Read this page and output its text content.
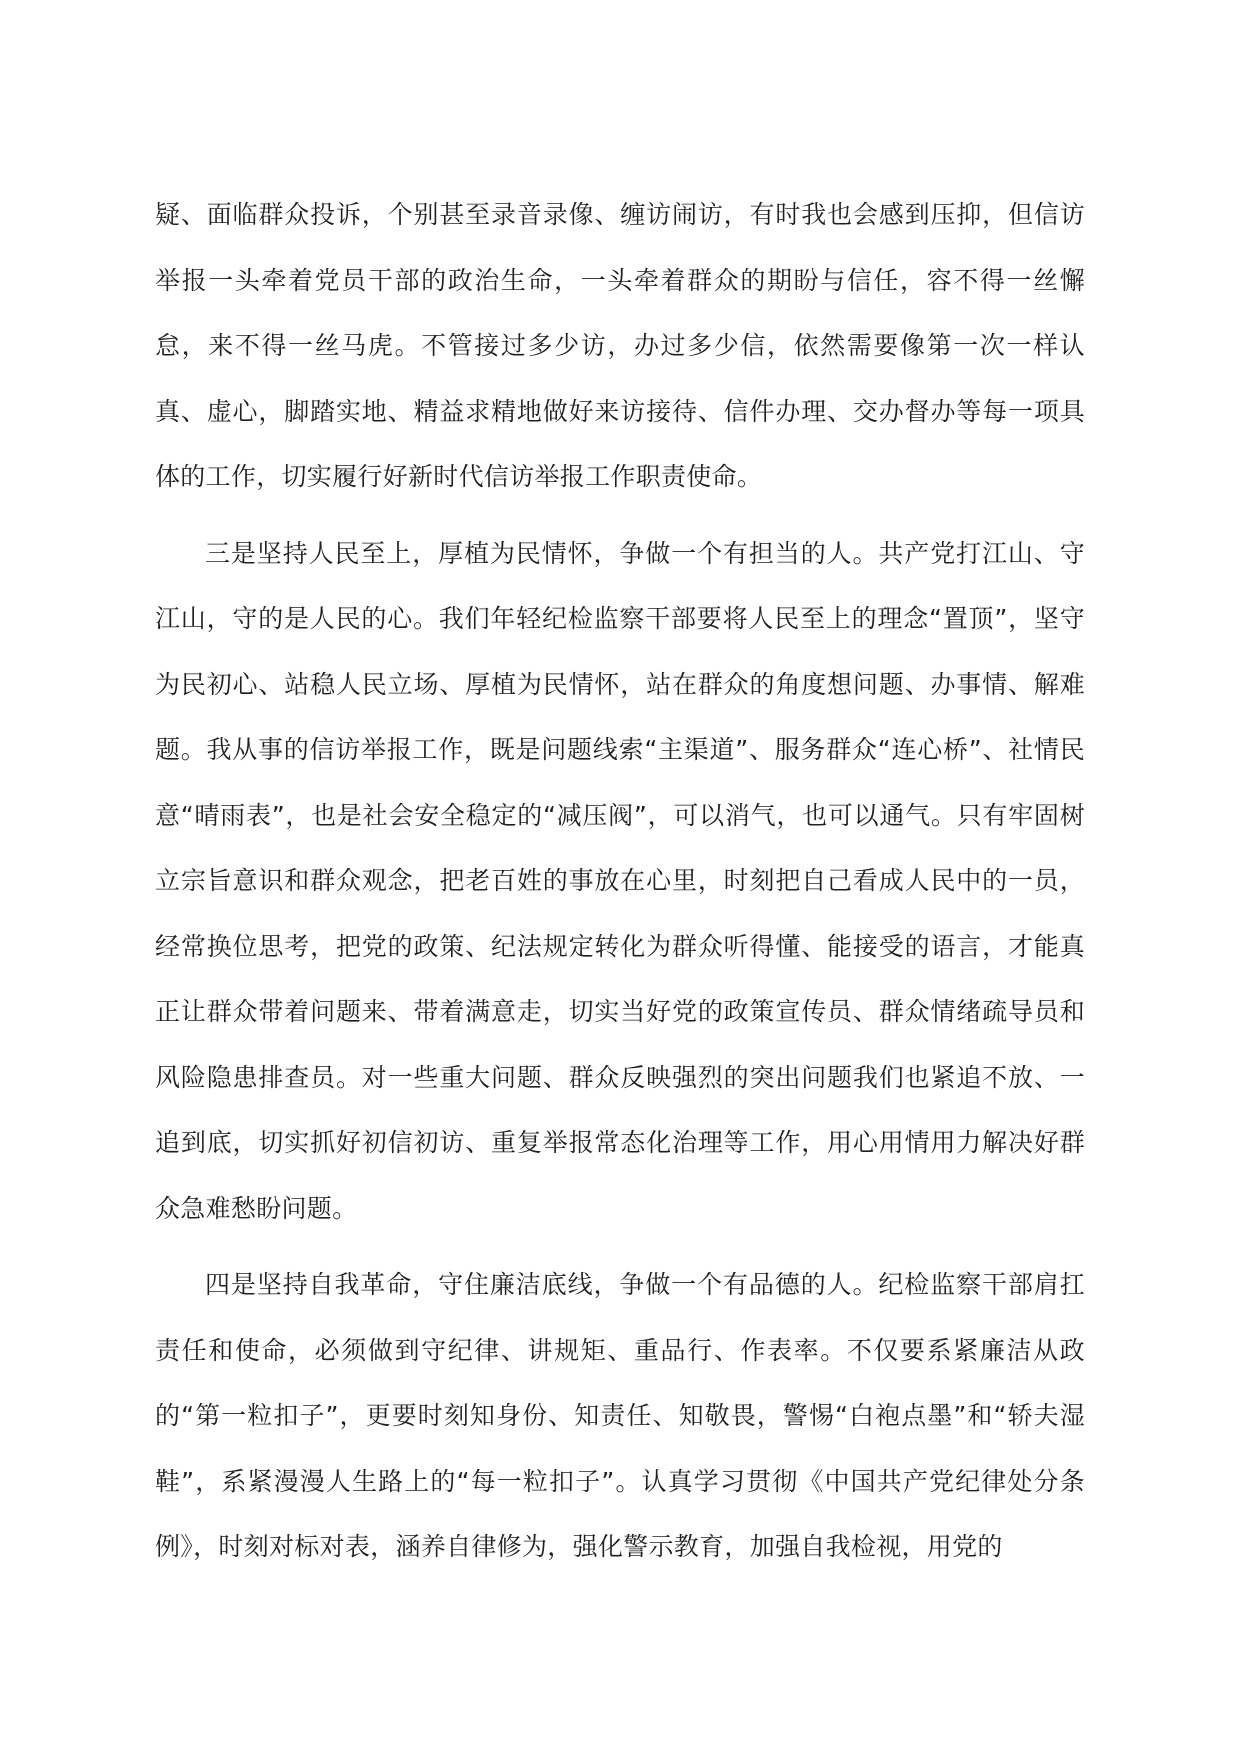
疑、面临群众投诉，个别甚至录音录像、缠访闹访，有时我也会感到压抑，但信访举报一头牵着党员干部的政治生命，一头牵着群众的期盼与信任，容不得一丝懈怠，来不得一丝马虎。不管接过多少访，办过多少信，依然需要像第一次一样认真、虚心，脚踏实地、精益求精地做好来访接待、信件办理、交办督办等每一项具体的工作，切实履行好新时代信访举报工作职责使命。

三是坚持人民至上，厚植为民情怀，争做一个有担当的人。共产党打江山、守江山，守的是人民的心。我们年轻纪检监察干部要将人民至上的理念“置顶”，坚守为民初心、站稳人民立场、厚植为民情怀，站在群众的角度想问题、办事情、解难题。我从事的信访举报工作，既是问题线索“主渠道”、服务群众“连心桥”、社情民意“晴雨表”，也是社会安全稳定的“减压阀”，可以消气，也可以通气。只有牢固树立宗旨意识和群众观念，把老百姓的事放在心里，时刻把自己看成人民中的一员，经常换位思考，把党的政策、纪法规定转化为群众听得懂、能接受的语言，才能真正让群众带着问题来、带着满意走，切实当好党的政策宣传员、群众情绪疏导员和风险隐患排查员。对一些重大问题、群众反映强烈的突出问题我们也紧追不放、一追到底，切实抓好初信初访、重复举报常态化治理等工作，用心用情用力解决好群众急难愁盼问题。

四是坚持自我革命，守住廉洁底线，争做一个有品德的人。纪检监察干部肩扛责任和使命，必须做到守纪律、讲规矩、重品行、作表率。不仅要系紧廉洁从政的“第一粒扣子”，更要时刻知身份、知责任、知敬畏，警惕“白袍点墨”和“轿夫湿鞋”，系紧漫漫人生路上的“每一粒扣子”。认真学习贯彻《中国共产党纪律处分条例》，时刻对标对表，涵养自律修为，强化警示教育，加强自我检视，用党的
